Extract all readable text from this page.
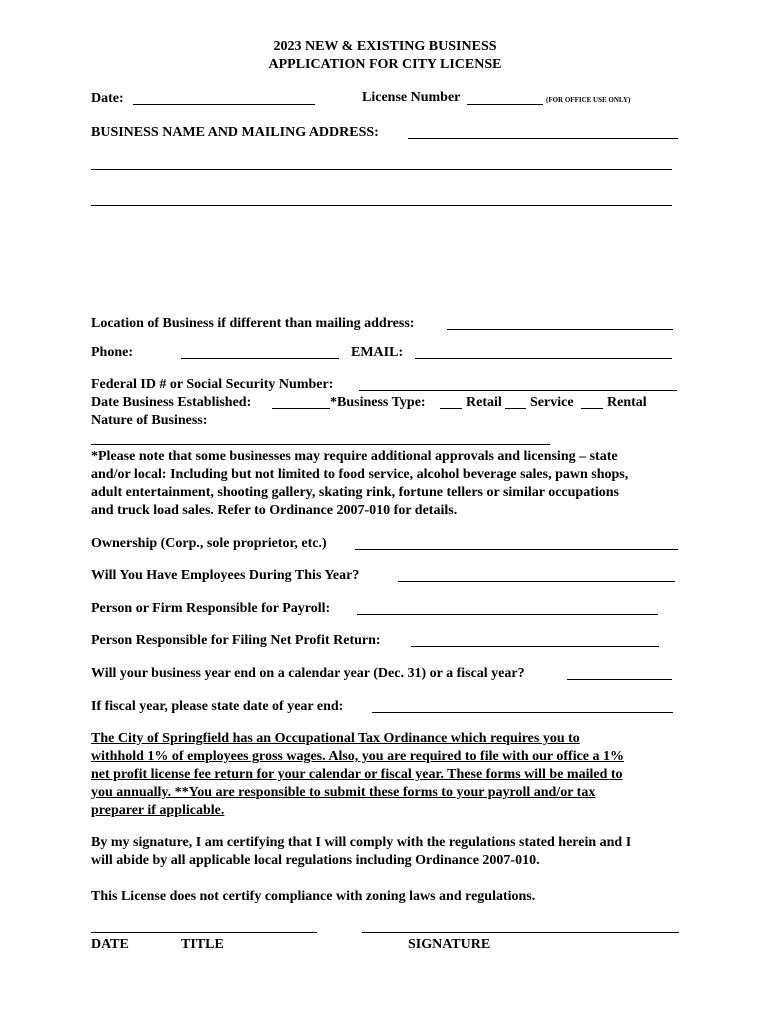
2023 NEW & EXISTING BUSINESS
APPLICATION FOR CITY LICENSE
Date:	License Number	(FOR OFFICE USE ONLY)
BUSINESS NAME AND MAILING ADDRESS:
Location of Business if different than mailing address:
Phone:	EMAIL:
Federal ID # or Social Security Number:
Date Business Established:	*Business Type:	Retail Service Rental
Nature of Business:
*Please note that some businesses may require additional approvals and licensing – state
and/or local: Including but not limited to food service, alcohol beverage sales, pawn shops,
adult entertainment, shooting gallery, skating rink, fortune tellers or similar occupations
and truck load sales. Refer to Ordinance 2007-010 for details.
Ownership (Corp., sole proprietor, etc.)
Will You Have Employees During This Year?
Person or Firm Responsible for Payroll:
Person Responsible for Filing Net Profit Return:
Will your business year end on a calendar year (Dec. 31) or a fiscal year?
If fiscal year, please state date of year end:
The City of Springfield has an Occupational Tax Ordinance which requires you to
withhold 1% of employees gross wages. Also, you are required to file with our office a 1%
net profit license fee return for your calendar or fiscal year. These forms will be mailed to
you annually. **You are responsible to submit these forms to your payroll and/or tax
preparer if applicable.
By my signature, I am certifying that I will comply with the regulations stated herein and I
will abide by all applicable local regulations including Ordinance 2007-010.
This License does not certify compliance with zoning laws and regulations.
DATE	TITLE	SIGNATURE
